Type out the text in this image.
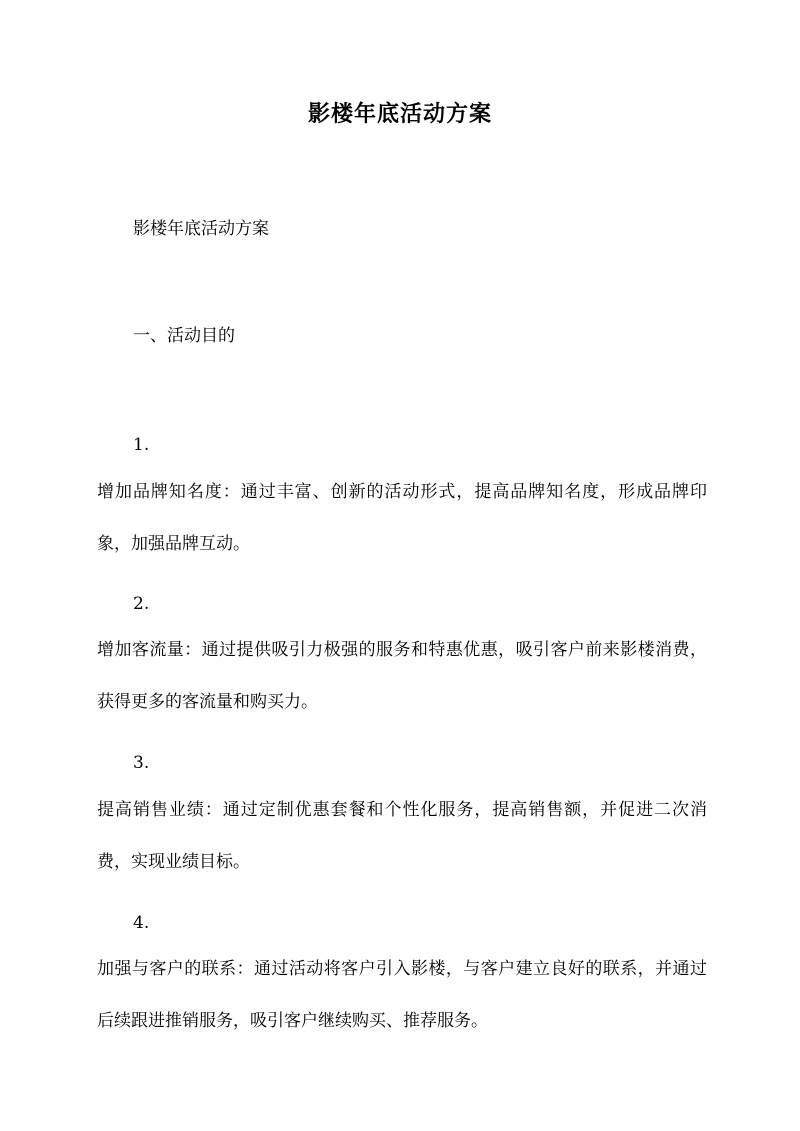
影楼年底活动方案
影楼年底活动方案
一、活动目的
1.
增加品牌知名度：通过丰富、创新的活动形式，提高品牌知名度，形成品牌印象，加强品牌互动。
2.
增加客流量：通过提供吸引力极强的服务和特惠优惠，吸引客户前来影楼消费，获得更多的客流量和购买力。
3.
提高销售业绩：通过定制优惠套餐和个性化服务，提高销售额，并促进二次消费，实现业绩目标。
4.
加强与客户的联系：通过活动将客户引入影楼，与客户建立良好的联系，并通过后续跟进推销服务，吸引客户继续购买、推荐服务。
